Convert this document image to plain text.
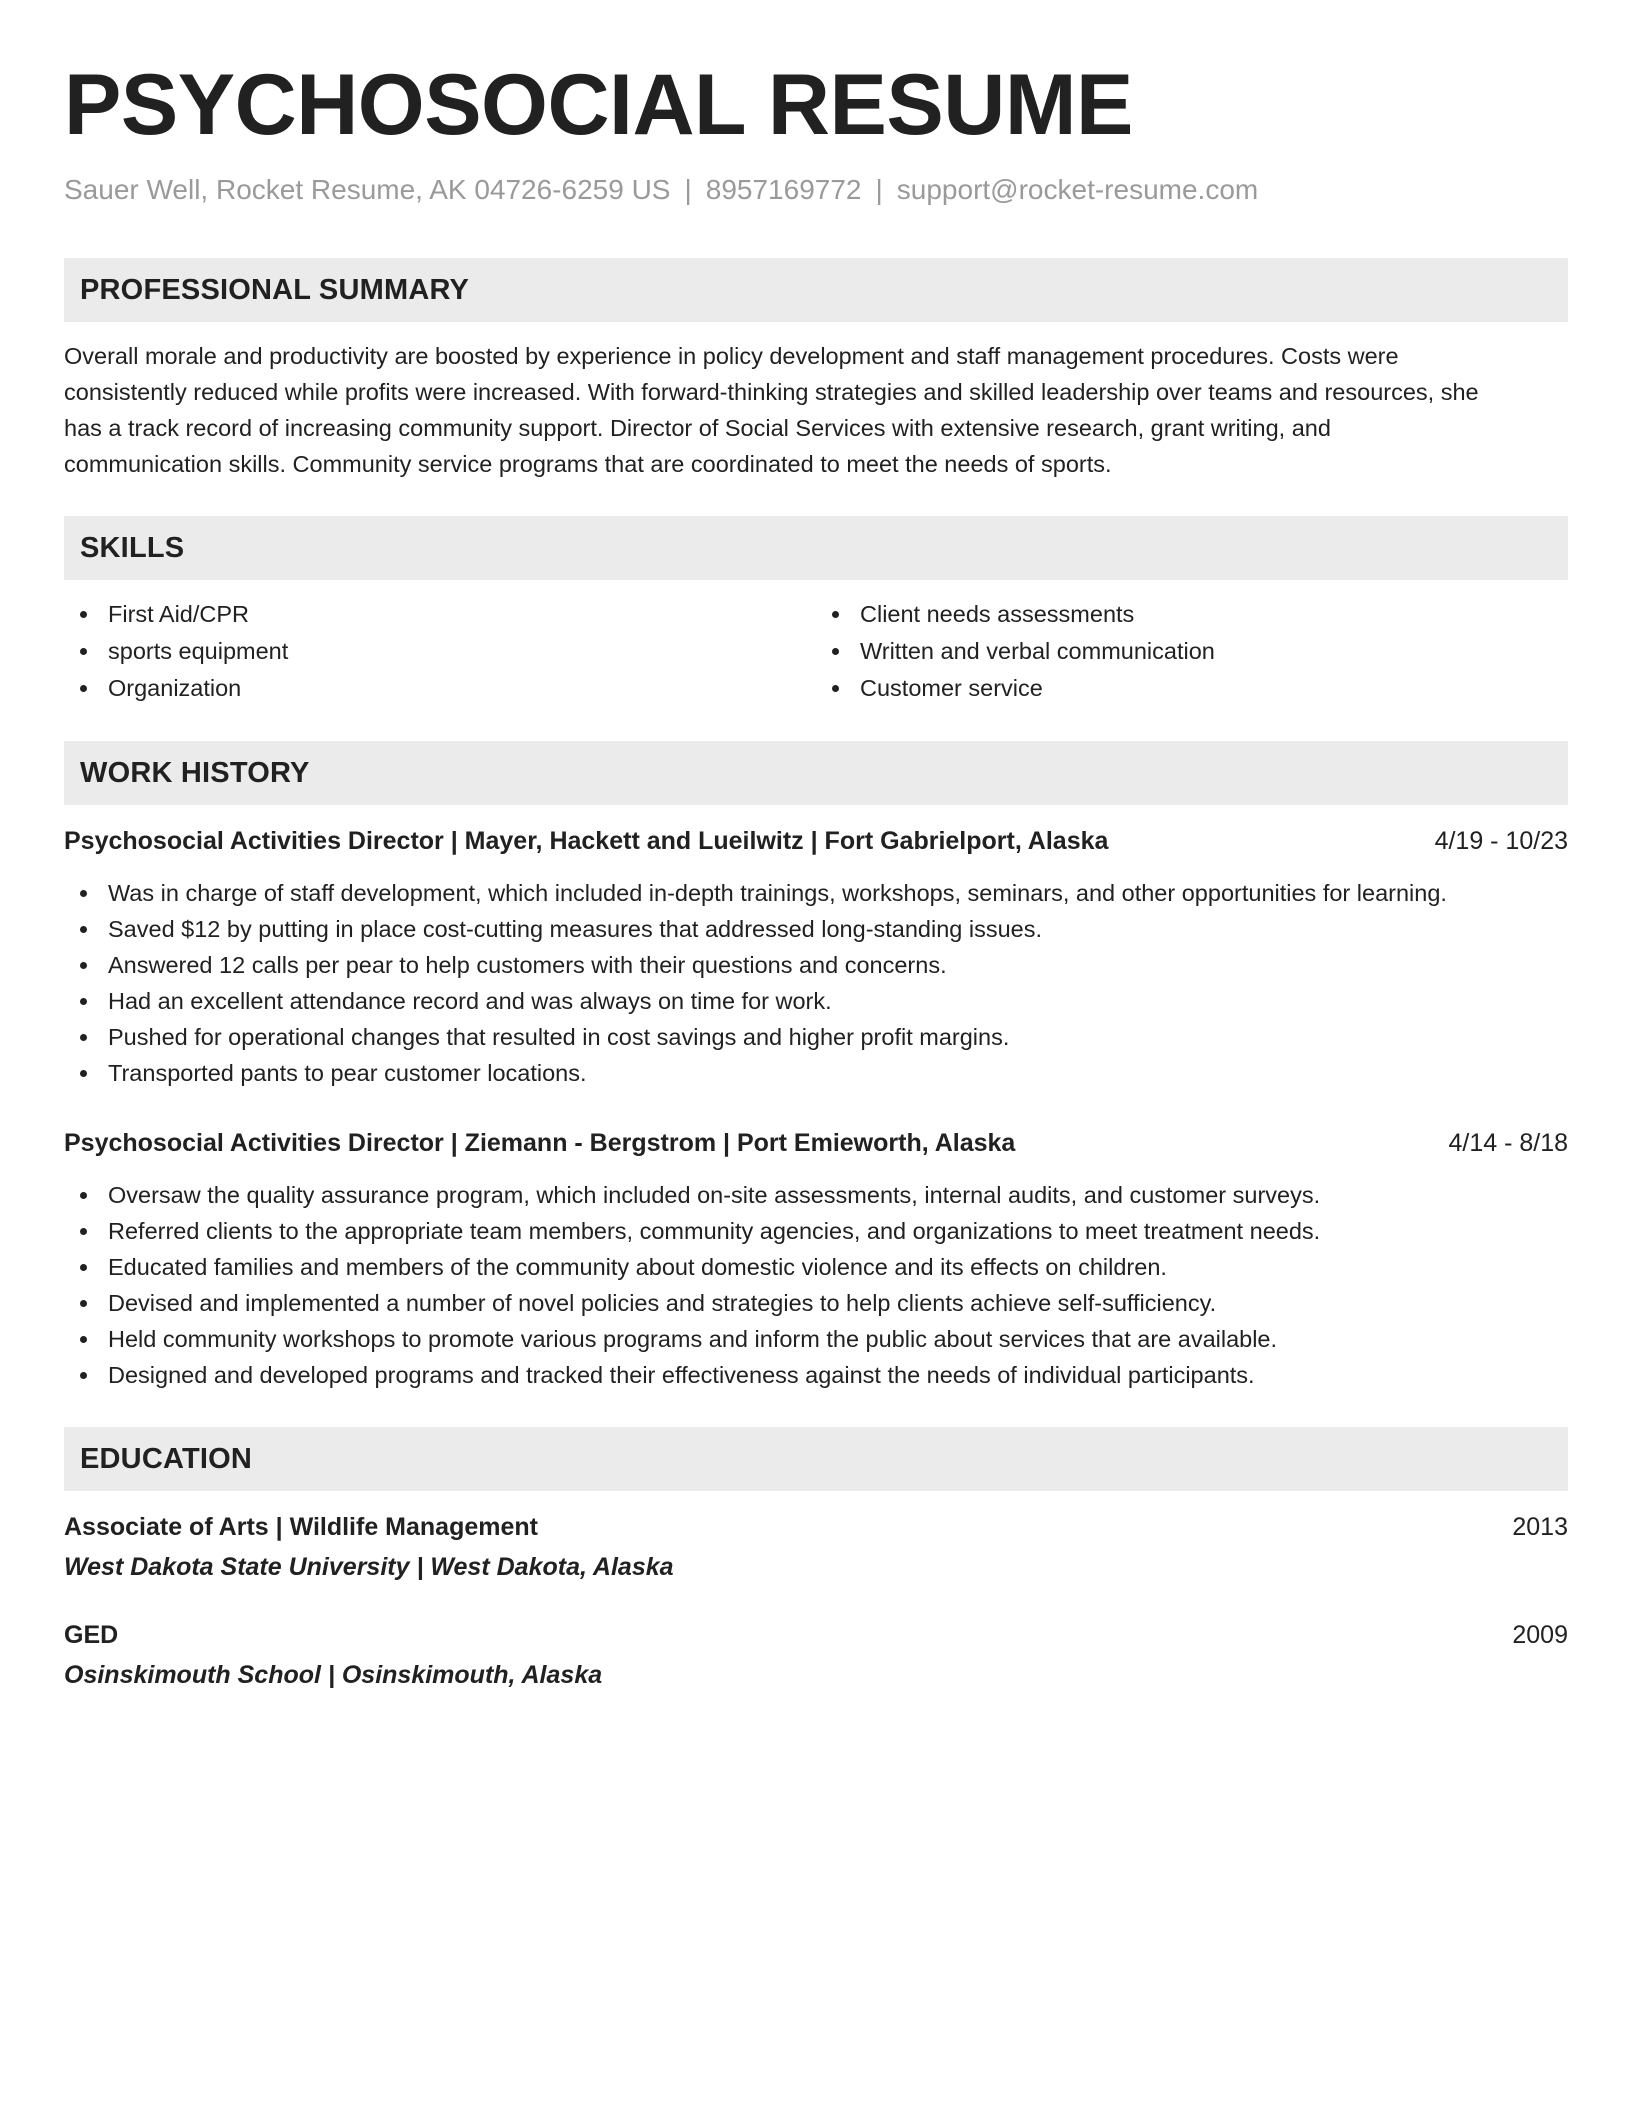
PSYCHOSOCIAL RESUME
Sauer Well, Rocket Resume, AK 04726-6259 US | 8957169772 | support@rocket-resume.com
PROFESSIONAL SUMMARY
Overall morale and productivity are boosted by experience in policy development and staff management procedures. Costs were
consistently reduced while profits were increased. With forward-thinking strategies and skilled leadership over teams and resources, she
has a track record of increasing community support. Director of Social Services with extensive research, grant writing, and
communication skills. Community service programs that are coordinated to meet the needs of sports.
SKILLS
First Aid/CPR
sports equipment
Organization
Client needs assessments
Written and verbal communication
Customer service
WORK HISTORY
Psychosocial Activities Director | Mayer, Hackett and Lueilwitz | Fort Gabrielport, Alaska	4/19 - 10/23
Was in charge of staff development, which included in-depth trainings, workshops, seminars, and other opportunities for learning.
Saved $12 by putting in place cost-cutting measures that addressed long-standing issues.
Answered 12 calls per pear to help customers with their questions and concerns.
Had an excellent attendance record and was always on time for work.
Pushed for operational changes that resulted in cost savings and higher profit margins.
Transported pants to pear customer locations.
Psychosocial Activities Director | Ziemann - Bergstrom | Port Emieworth, Alaska	4/14 - 8/18
Oversaw the quality assurance program, which included on-site assessments, internal audits, and customer surveys.
Referred clients to the appropriate team members, community agencies, and organizations to meet treatment needs.
Educated families and members of the community about domestic violence and its effects on children.
Devised and implemented a number of novel policies and strategies to help clients achieve self-sufficiency.
Held community workshops to promote various programs and inform the public about services that are available.
Designed and developed programs and tracked their effectiveness against the needs of individual participants.
EDUCATION
Associate of Arts | Wildlife Management	2013
West Dakota State University | West Dakota, Alaska
GED	2009
Osinskimouth School | Osinskimouth, Alaska
